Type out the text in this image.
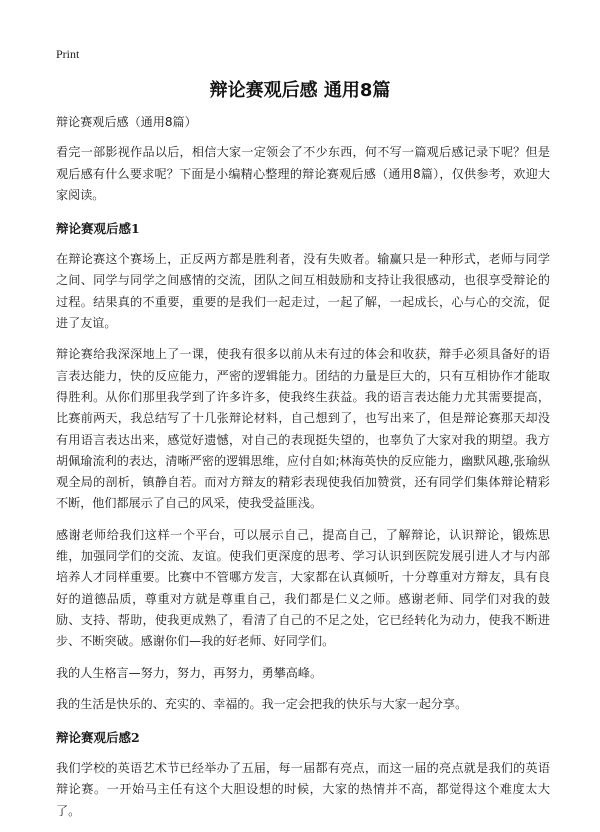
Print
辩论赛观后感 通用8篇

辩论赛观后感（通用8篇）

看完一部影视作品以后，相信大家一定领会了不少东西，何不写一篇观后感记录下呢？但是观后感有什么要求呢？下面是小编精心整理的辩论赛观后感（通用8篇），仅供参考，欢迎大家阅读。

辩论赛观后感1

在辩论赛这个赛场上，正反两方都是胜利者，没有失败者。输赢只是一种形式，老师与同学之间、同学与同学之间感情的交流，团队之间互相鼓励和支持让我很感动，也很享受辩论的过程。结果真的不重要，重要的是我们一起走过，一起了解，一起成长，心与心的交流，促进了友谊。

辩论赛给我深深地上了一课，使我有很多以前从未有过的体会和收获，辩手必须具备好的语言表达能力，快的反应能力，严密的逻辑能力。团结的力量是巨大的，只有互相协作才能取得胜利。从你们那里我学到了许多许多，使我终生获益。我的语言表达能力尤其需要提高，比赛前两天，我总结写了十几张辩论材料，自己想到了，也写出来了，但是辩论赛那天却没有用语言表达出来，感觉好遗憾，对自己的表现挺失望的，也辜负了大家对我的期望。我方胡佩瑜流利的表达，清晰严密的逻辑思维，应付自如;林海英快的反应能力，幽默风趣,张瑜纵观全局的剖析，镇静自若。而对方辩友的精彩表现使我佰加赞赏，还有同学们集体辩论精彩不断，他们都展示了自己的风采，使我受益匪浅。

感谢老师给我们这样一个平台，可以展示自己，提高自己，了解辩论，认识辩论，锻炼思维，加强同学们的交流、友谊。使我们更深度的思考、学习认识到医院发展引进人才与内部培养人才同样重要。比赛中不管哪方发言，大家都在认真倾听，十分尊重对方辩友，具有良好的道德品质，尊重对方就是尊重自己，我们都是仁义之师。感谢老师、同学们对我的鼓励、支持、帮助，使我更成熟了，看清了自己的不足之处，它已经转化为动力，使我不断进步、不断突破。感谢你们—我的好老师、好同学们。

我的人生格言—努力，努力，再努力，勇攀高峰。

我的生活是快乐的、充实的、幸福的。我一定会把我的快乐与大家一起分享。

辩论赛观后感2

我们学校的英语艺术节已经举办了五届，每一届都有亮点，而这一届的亮点就是我们的英语辩论赛。一开始马主任有这个大胆设想的时候，大家的热情并不高，都觉得这个难度太大了。
